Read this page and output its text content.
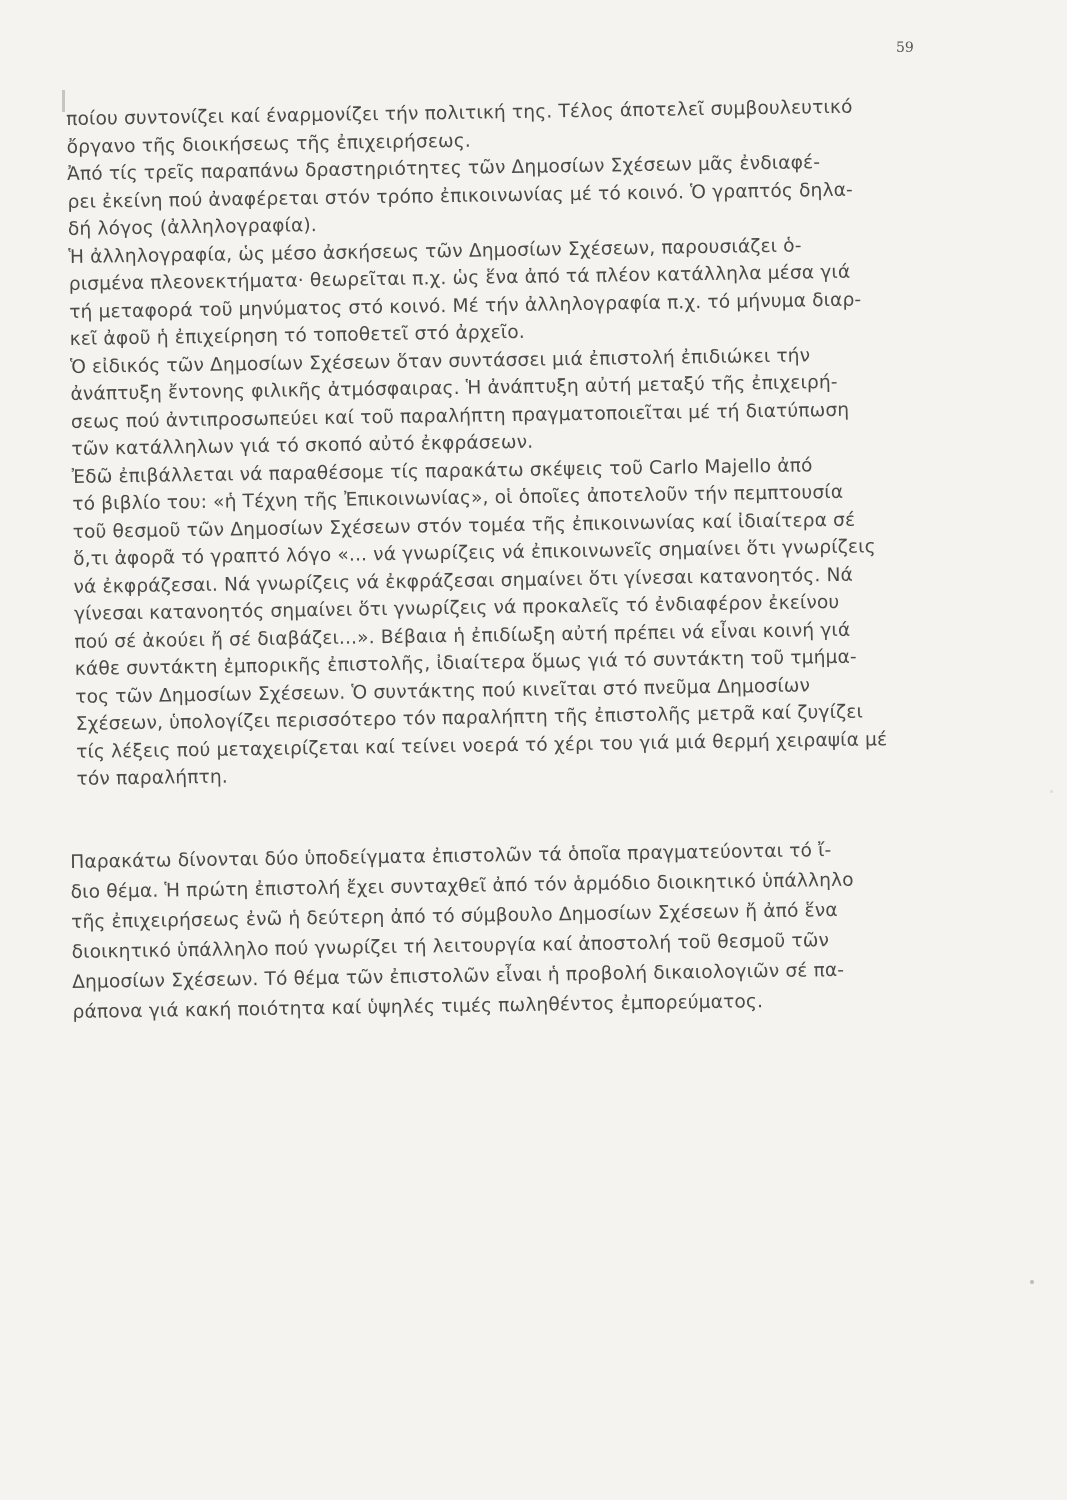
59
ποίου συντονίζει καί έναρμονίζει τήν πολιτική της. Τέλος άποτελεῖ συμβουλευτικό
ὄργανο τῆς διοικήσεως τῆς ἐπιχειρήσεως.
Ἀπό τίς τρεῖς παραπάνω δραστηριότητες τῶν Δημοσίων Σχέσεων μᾶς ἐνδιαφέ-
ρει ἐκείνη πού ἀναφέρεται στόν τρόπο ἐπικοινωνίας μέ τό κοινό. Ὁ γραπτός δηλα-
δή λόγος (ἀλληλογραφία).
Ἡ ἀλληλογραφία, ὡς μέσο ἀσκήσεως τῶν Δημοσίων Σχέσεων, παρουσιάζει ὁ-
ρισμένα πλεονεκτήματα· θεωρεῖται π.χ. ὡς ἕνα ἀπό τά πλέον κατάλληλα μέσα γιά
τή μεταφορά τοῦ μηνύματος στό κοινό. Μέ τήν ἀλληλογραφία π.χ. τό μήνυμα διαρ-
κεῖ ἀφοῦ ἡ ἐπιχείρηση τό τοποθετεῖ στό ἀρχεῖο.
Ὁ εἰδικός τῶν Δημοσίων Σχέσεων ὅταν συντάσσει μιά ἐπιστολή ἐπιδιώκει τήν
ἀνάπτυξη ἔντονης φιλικῆς ἀτμόσφαιρας. Ἡ ἀνάπτυξη αὐτή μεταξύ τῆς ἐπιχειρή-
σεως πού ἀντιπροσωπεύει καί τοῦ παραλήπτη πραγματοποιεῖται μέ τή διατύπωση
τῶν κατάλληλων γιά τό σκοπό αὐτό ἐκφράσεων.
Ἐδῶ ἐπιβάλλεται νά παραθέσομε τίς παρακάτω σκέψεις τοῦ Carlo Majello ἀπό
τό βιβλίο του: «ἡ Τέχνη τῆς Ἐπικοινωνίας», οἱ ὁποῖες ἀποτελοῦν τήν πεμπτουσία
τοῦ θεσμοῦ τῶν Δημοσίων Σχέσεων στόν τομέα τῆς ἐπικοινωνίας καί ἰδιαίτερα σέ
ὅ,τι ἀφορᾶ τό γραπτό λόγο «... νά γνωρίζεις νά ἐπικοινωνεῖς σημαίνει ὅτι γνωρίζεις
νά ἐκφράζεσαι. Νά γνωρίζεις νά ἐκφράζεσαι σημαίνει ὅτι γίνεσαι κατανοητός. Νά
γίνεσαι κατανοητός σημαίνει ὅτι γνωρίζεις νά προκαλεῖς τό ἐνδιαφέρον ἐκείνου
πού σέ ἀκούει ἤ σέ διαβάζει...». Βέβαια ἡ ἐπιδίωξη αὐτή πρέπει νά εἶναι κοινή γιά
κάθε συντάκτη ἐμπορικῆς ἐπιστολῆς, ἰδιαίτερα ὅμως γιά τό συντάκτη τοῦ τμήμα-
τος τῶν Δημοσίων Σχέσεων. Ὁ συντάκτης πού κινεῖται στό πνεῦμα Δημοσίων
Σχέσεων, ὑπολογίζει περισσότερο τόν παραλήπτη τῆς ἐπιστολῆς μετρᾶ καί ζυγίζει
τίς λέξεις πού μεταχειρίζεται καί τείνει νοερά τό χέρι του γιά μιά θερμή χειραψία μέ
τόν παραλήπτη.
Παρακάτω δίνονται δύο ὑποδείγματα ἐπιστολῶν τά ὁποῖα πραγματεύονται τό ἴ-
διο θέμα. Ἡ πρώτη ἐπιστολή ἔχει συνταχθεῖ ἀπό τόν ἁρμόδιο διοικητικό ὑπάλληλο
τῆς ἐπιχειρήσεως ἐνῶ ἡ δεύτερη ἀπό τό σύμβουλο Δημοσίων Σχέσεων ἤ ἀπό ἕνα
διοικητικό ὑπάλληλο πού γνωρίζει τή λειτουργία καί ἀποστολή τοῦ θεσμοῦ τῶν
Δημοσίων Σχέσεων. Τό θέμα τῶν ἐπιστολῶν εἶναι ἡ προβολή δικαιολογιῶν σέ πα-
ράπονα γιά κακή ποιότητα καί ὑψηλές τιμές πωληθέντος ἐμπορεύματος.
